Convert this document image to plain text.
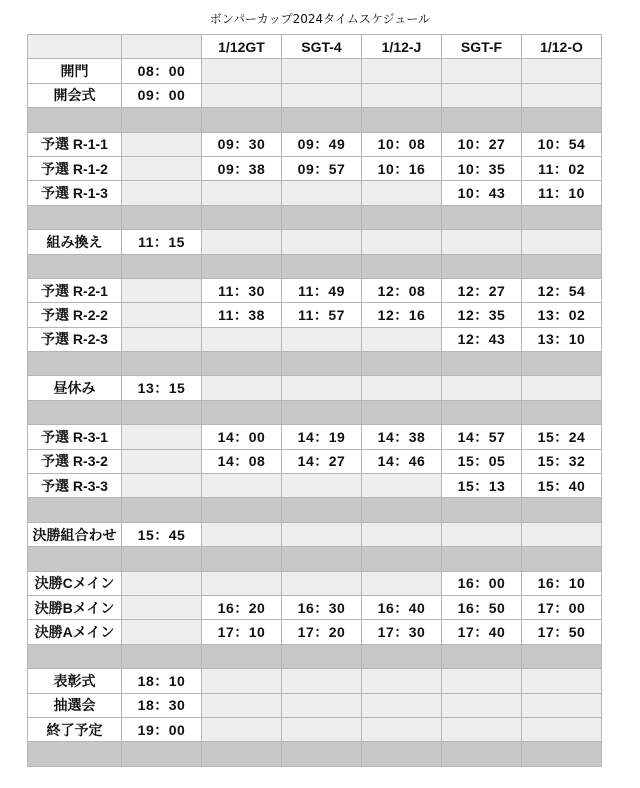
ボンパーカップ2024タイムスケジュール
		1/12GT	SGT-4	1/12-J	SGT-F	1/12-O
開門	08：00					
開会式	09：00					

予選 R-1-1		09：30	09：49	10：08	10：27	10：54
予選 R-1-2		09：38	09：57	10：16	10：35	11：02
予選 R-1-3					10：43	11：10

組み換え	11：15					

予選 R-2-1		11：30	11：49	12：08	12：27	12：54
予選 R-2-2		11：38	11：57	12：16	12：35	13：02
予選 R-2-3					12：43	13：10

昼休み	13：15					

予選 R-3-1		14：00	14：19	14：38	14：57	15：24
予選 R-3-2		14：08	14：27	14：46	15：05	15：32
予選 R-3-3					15：13	15：40

決勝組合わせ	15：45					

決勝Cメイン					16：00	16：10
決勝Bメイン		16：20	16：30	16：40	16：50	17：00
決勝Aメイン		17：10	17：20	17：30	17：40	17：50

表彰式	18：10					
抽選会	18：30					
終了予定	19：00					
